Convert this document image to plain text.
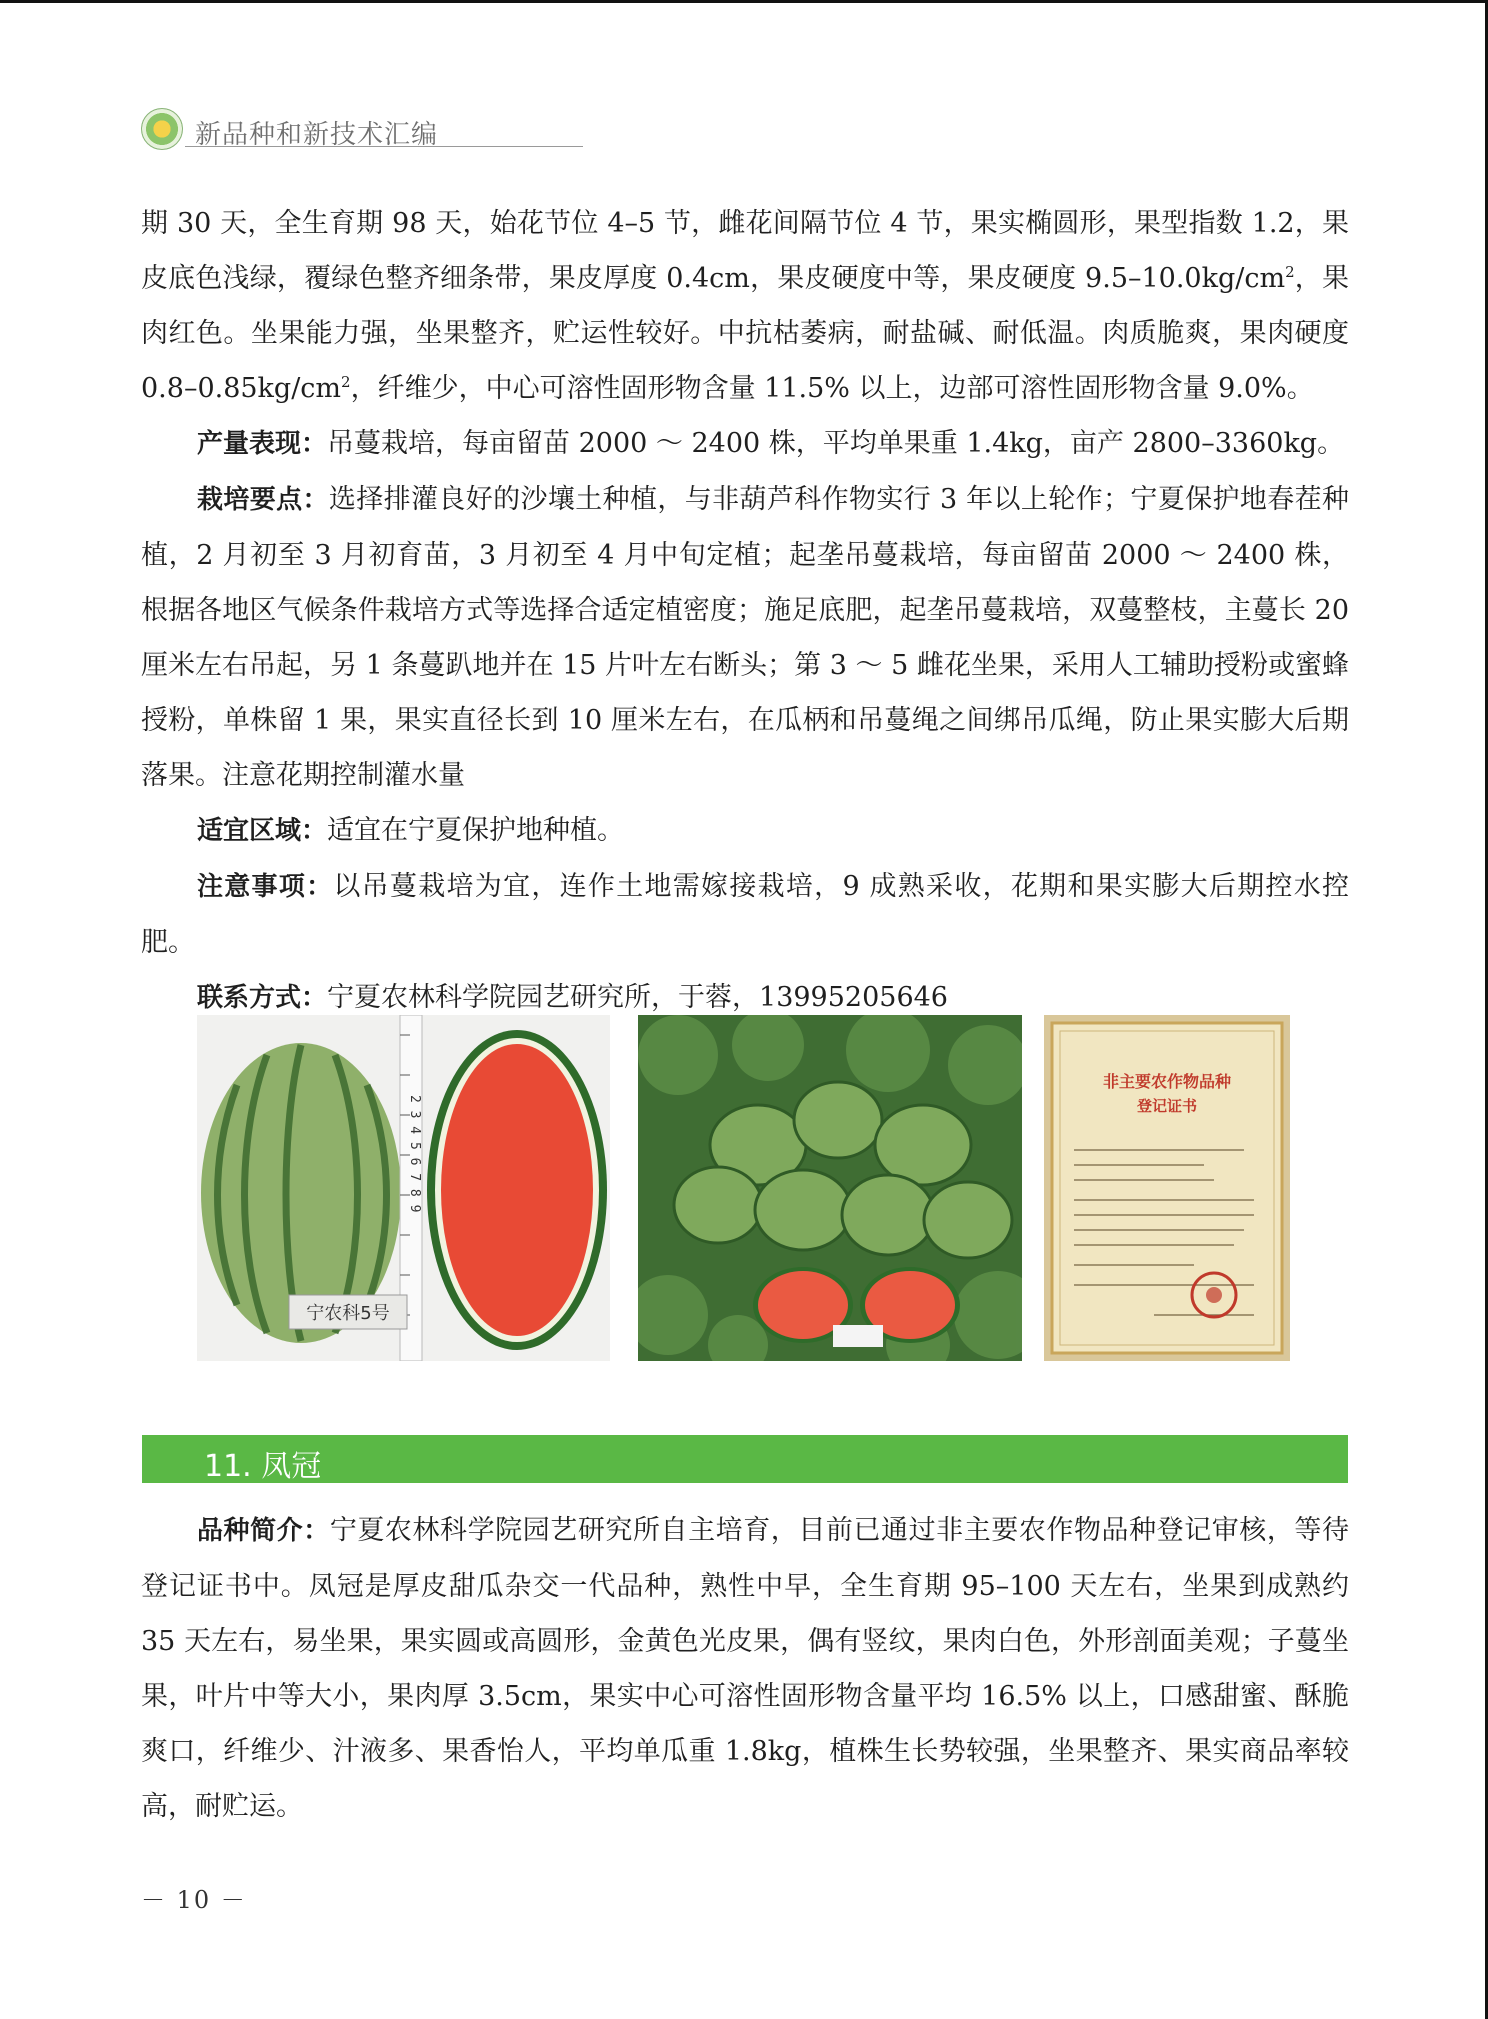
新品种和新技术汇编

期 30 天，全生育期 98 天，始花节位 4–5 节，雌花间隔节位 4 节，果实椭圆形，果型指数 1.2，果皮底色浅绿，覆绿色整齐细条带，果皮厚度 0.4cm，果皮硬度中等，果皮硬度 $9.5-10.0kg/cm^2$，果肉红色。坐果能力强，坐果整齐，贮运性较好。中抗枯萎病，耐盐碱、耐低温。肉质脆爽，果肉硬度 $0.8-0.85kg/cm^2$，纤维少，中心可溶性固形物含量 11.5% 以上，边部可溶性固形物含量 9.0%。

产量表现：吊蔓栽培，每亩留苗 2000 ～ 2400 株，平均单果重 1.4kg，亩产 2800–3360kg。

栽培要点：选择排灌良好的沙壤土种植，与非葫芦科作物实行 3 年以上轮作；宁夏保护地春茬种植，2 月初至 3 月初育苗，3 月初至 4 月中旬定植；起垄吊蔓栽培，每亩留苗 2000 ～ 2400 株，根据各地区气候条件栽培方式等选择合适定植密度；施足底肥，起垄吊蔓栽培，双蔓整枝，主蔓长 20 厘米左右吊起，另 1 条蔓趴地并在 15 片叶左右断头；第 3 ～ 5 雌花坐果，采用人工辅助授粉或蜜蜂授粉，单株留 1 果，果实直径长到 10 厘米左右，在瓜柄和吊蔓绳之间绑吊瓜绳，防止果实膨大后期落果。注意花期控制灌水量

适宜区域：适宜在宁夏保护地种植。

注意事项：以吊蔓栽培为宜，连作土地需嫁接栽培，9 成熟采收，花期和果实膨大后期控水控肥。

联系方式：宁夏农林科学院园艺研究所，于蓉，13995205646

2 3 4 5 6 7 8 9
宁农科5号
非主要农作物品种
登记证书
11. 凤冠

品种简介：宁夏农林科学院园艺研究所自主培育，目前已通过非主要农作物品种登记审核，等待登记证书中。凤冠是厚皮甜瓜杂交一代品种，熟性中早，全生育期 95–100 天左右，坐果到成熟约 35 天左右，易坐果，果实圆或高圆形，金黄色光皮果，偶有竖纹，果肉白色，外形剖面美观；子蔓坐果，叶片中等大小，果肉厚 3.5cm，果实中心可溶性固形物含量平均 16.5% 以上，口感甜蜜、酥脆爽口，纤维少、汁液多、果香怡人，平均单瓜重 1.8kg，植株生长势较强，坐果整齐、果实商品率较高，耐贮运。

－ 10 －
